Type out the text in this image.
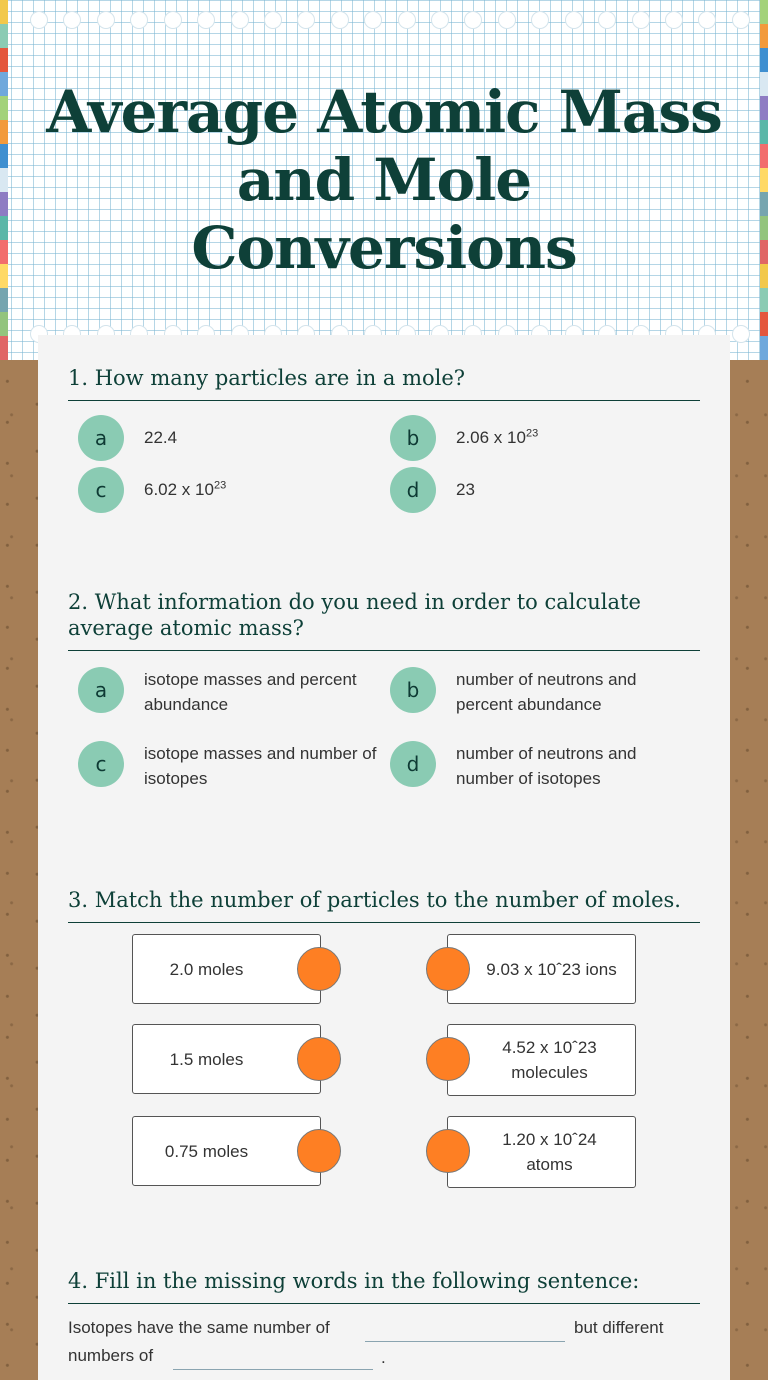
Average Atomic Mass and Mole Conversions
1. How many particles are in a mole?
a	22.4	b	2.06 x $10^{23}$
c	6.02 x $10^{23}$	d	23
2. What information do you need in order to calculate average atomic mass?
a	isotope masses and percent abundance
b	number of neutrons and percent abundance
c	isotope masses and number of isotopes
d	number of neutrons and number of isotopes
3. Match the number of particles to the number of moles.
2.0 moles	9.03 x 10ˆ23 ions
1.5 moles
4.52 x 10ˆ23 molecules
0.75 moles
1.20 x 10ˆ24 atoms
4. Fill in the missing words in the following sentence:
Isotopes have the same number of	but different
numbers of	.
